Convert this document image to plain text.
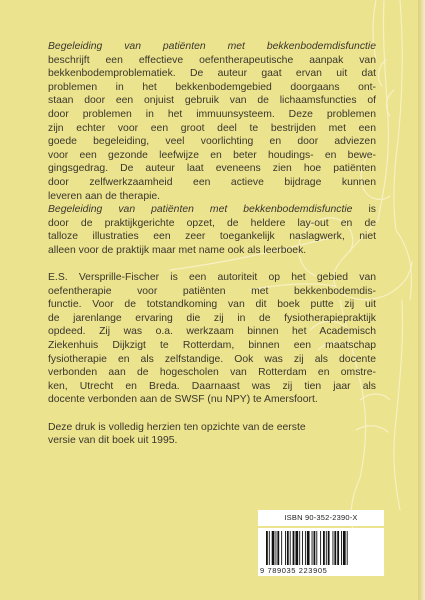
Begeleiding van patiënten met bekkenbodemdisfunctie
beschrijft een effectieve oefentherapeutische aanpak van
bekkenbodemproblematiek. De auteur gaat ervan uit dat
problemen in het bekkenbodemgebied doorgaans ont-
staan door een onjuist gebruik van de lichaamsfuncties of
door problemen in het immuunsysteem. Deze problemen
zijn echter voor een groot deel te bestrijden met een
goede begeleiding, veel voorlichting en door adviezen
voor een gezonde leefwijze en beter houdings- en bewe-
gingsgedrag. De auteur laat eveneens zien hoe patiënten
door zelfwerkzaamheid een actieve bijdrage kunnen
leveren aan de therapie.
Begeleiding van patiënten met bekkenbodemdisfunctie is
door de praktijkgerichte opzet, de heldere lay-out en de
talloze illustraties een zeer toegankelijk naslagwerk, niet
alleen voor de praktijk maar met name ook als leerboek.

E.S. Versprille-Fischer is een autoriteit op het gebied van
oefentherapie voor patiënten met bekkenbodemdis-
functie. Voor de totstandkoming van dit boek putte zij uit
de jarenlange ervaring die zij in de fysiotherapiepraktijk
opdeed. Zij was o.a. werkzaam binnen het Academisch
Ziekenhuis Dijkzigt te Rotterdam, binnen een maatschap
fysiotherapie en als zelfstandige. Ook was zij als docente
verbonden aan de hogescholen van Rotterdam en omstre-
ken, Utrecht en Breda. Daarnaast was zij tien jaar als
docente verbonden aan de SWSF (nu NPY) te Amersfoort.

Deze druk is volledig herzien ten opzichte van de eerste
versie van dit boek uit 1995.

ISBN 90-352-2390-X
9 789035 223905
